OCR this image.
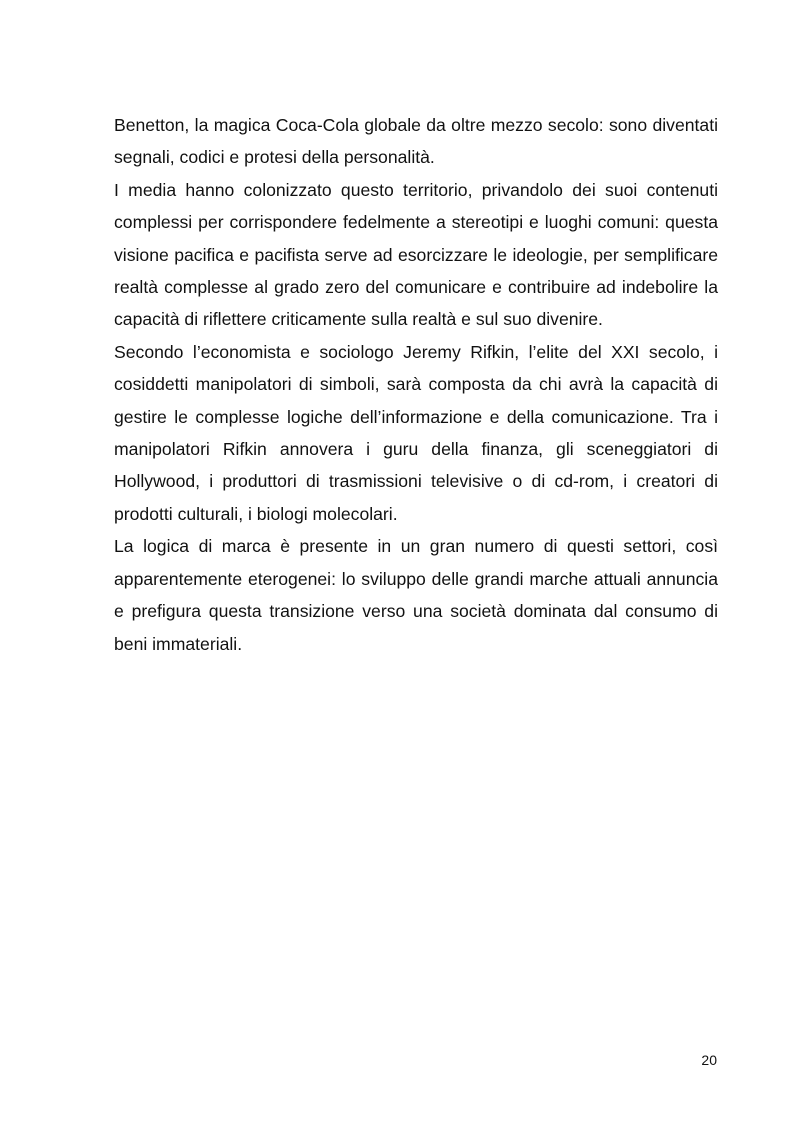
Benetton, la magica Coca-Cola globale da oltre mezzo secolo: sono diventati segnali, codici e protesi della personalità.

I media hanno colonizzato questo territorio, privandolo dei suoi contenuti complessi per corrispondere fedelmente a stereotipi e luoghi comuni: questa visione pacifica e pacifista serve ad esorcizzare le ideologie, per semplificare realtà complesse al grado zero del comunicare e contribuire ad indebolire la capacità di riflettere criticamente sulla realtà e sul suo divenire.

Secondo l’economista e sociologo Jeremy Rifkin, l’elite del XXI secolo, i cosiddetti manipolatori di simboli, sarà composta da chi avrà la capacità di gestire le complesse logiche dell’informazione e della comunicazione. Tra i manipolatori Rifkin annovera i guru della finanza, gli sceneggiatori di Hollywood, i produttori di trasmissioni televisive o di cd-rom, i creatori di prodotti culturali, i biologi molecolari.

La logica di marca è presente in un gran numero di questi settori, così apparentemente eterogenei: lo sviluppo delle grandi marche attuali annuncia e prefigura questa transizione verso una società dominata dal consumo di beni immateriali.

20
